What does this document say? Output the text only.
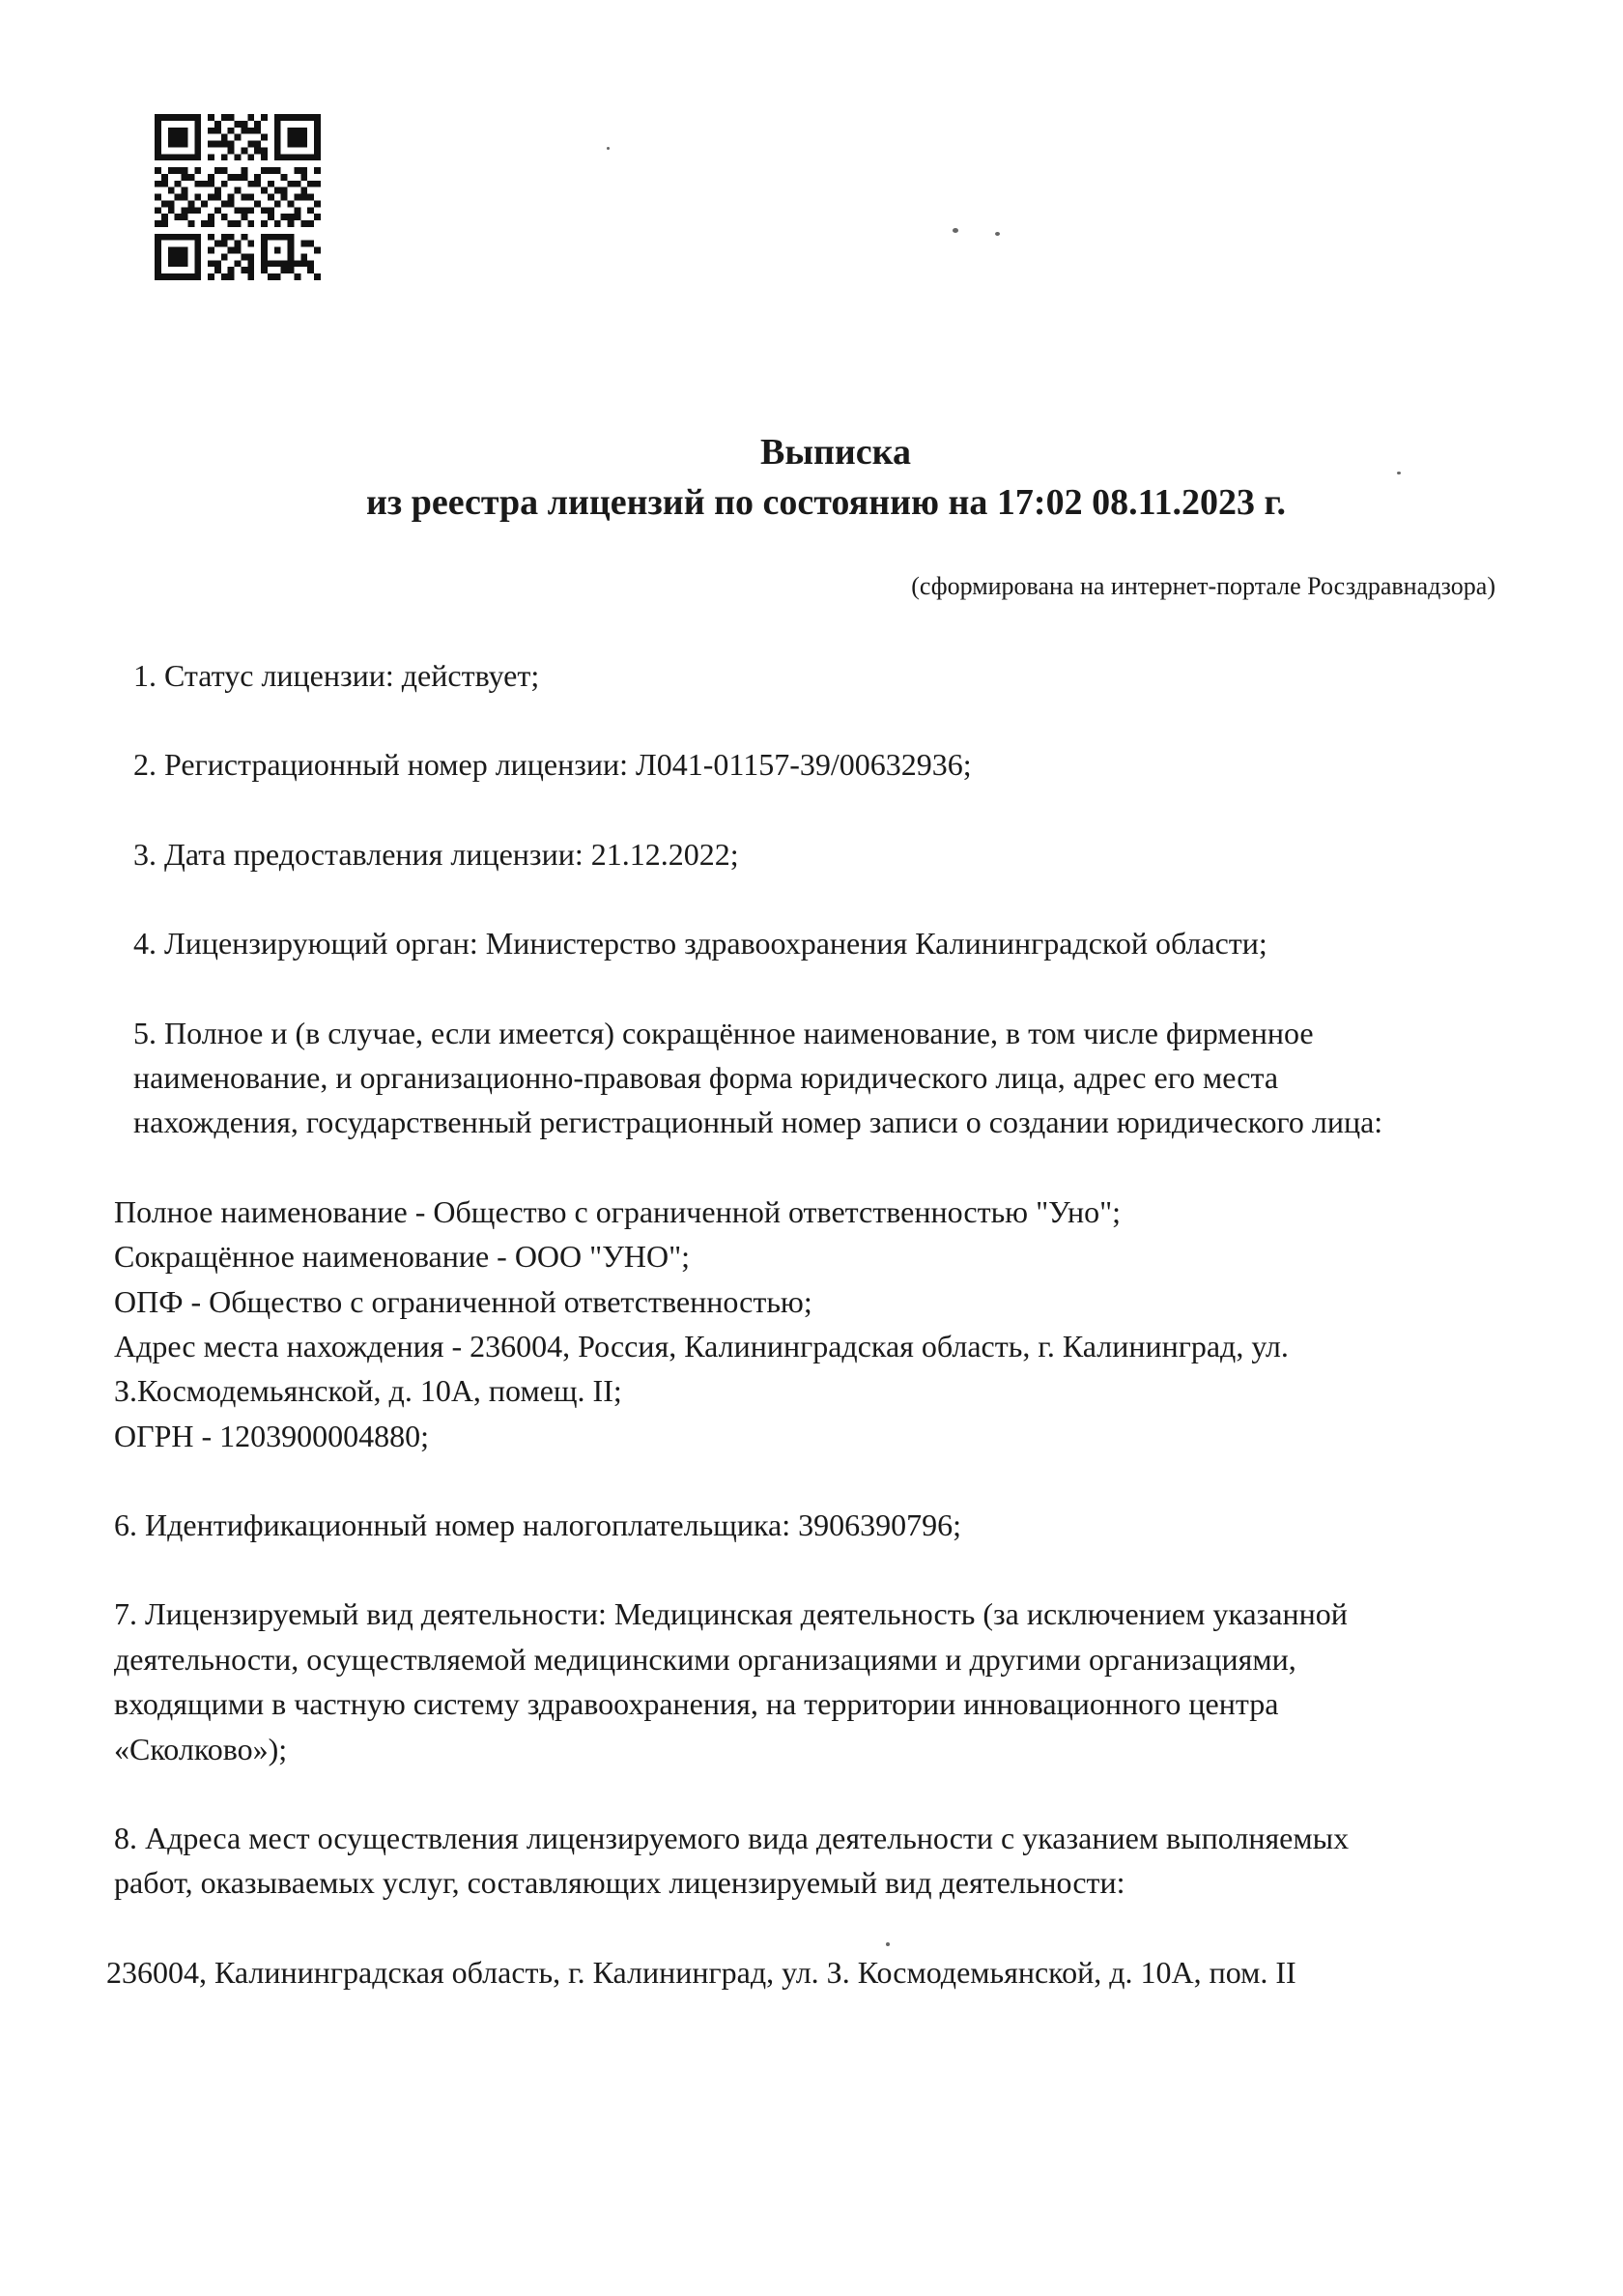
Выписка
из реестра лицензий по состоянию на 17:02 08.11.2023 г.
(сформирована на интернет-портале Росздравнадзора)

1. Статус лицензии: действует;

2. Регистрационный номер лицензии: Л041-01157-39/00632936;

3. Дата предоставления лицензии: 21.12.2022;

4. Лицензирующий орган: Министерство здравоохранения Калининградской области;

5. Полное и (в случае, если имеется) сокращённое наименование, в том числе фирменное
наименование, и организационно-правовая форма юридического лица, адрес его места
нахождения, государственный регистрационный номер записи о создании юридического лица:
Полное наименование - Общество с ограниченной ответственностью "Уно";
Сокращённое наименование - ООО "УНО";
ОПФ - Общество с ограниченной ответственностью;
Адрес места нахождения - 236004, Россия, Калининградская область, г. Калининград, ул.
З.Космодемьянской, д. 10А, помещ. II;
ОГРН - 1203900004880;

6. Идентификационный номер налогоплательщика: 3906390796;

7. Лицензируемый вид деятельности: Медицинская деятельность (за исключением указанной
деятельности, осуществляемой медицинскими организациями и другими организациями,
входящими в частную систему здравоохранения, на территории инновационного центра
«Сколково»);
8. Адреса мест осуществления лицензируемого вида деятельности с указанием выполняемых
работ, оказываемых услуг, составляющих лицензируемый вид деятельности:

236004, Калининградская область, г. Калининград, ул. З. Космодемьянской, д. 10А, пом. II
